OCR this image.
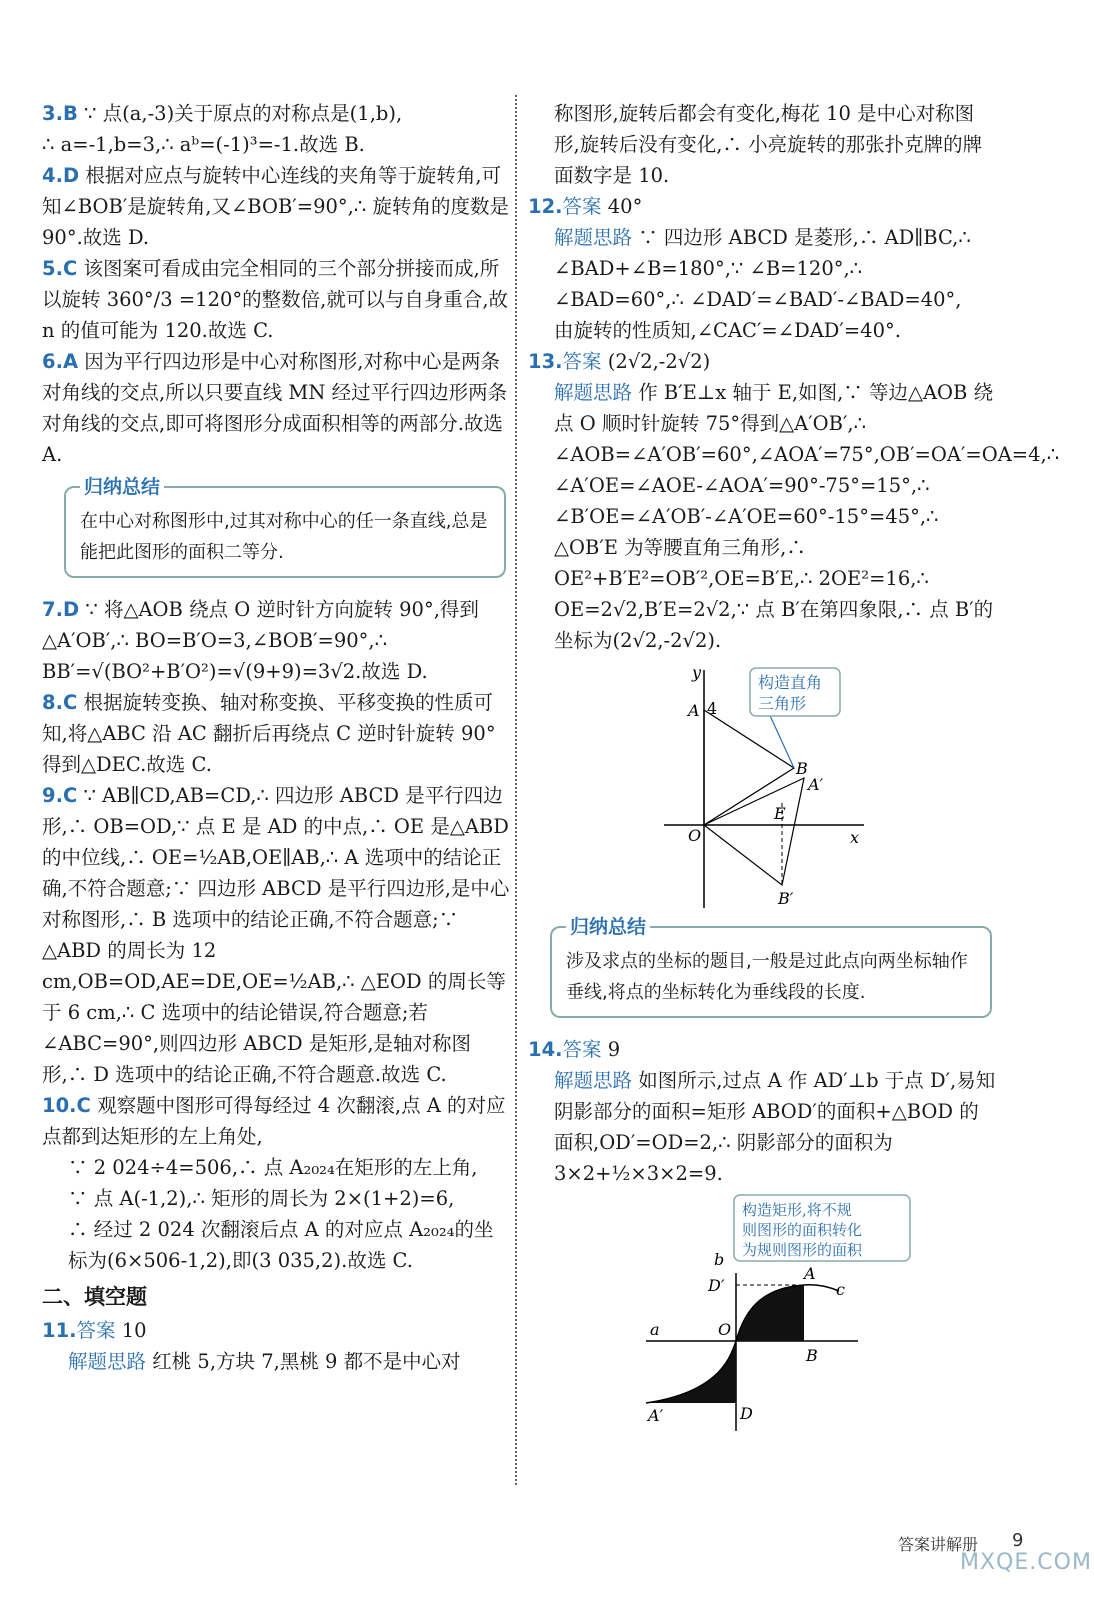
3.B ∵ 点(a,-3)关于原点的对称点是(1,b),

∴ a=-1,b=3,∴ aᵇ=(-1)³=-1.故选 B.

4.D 根据对应点与旋转中心连线的夹角等于旋转角,可知∠BOB′是旋转角,又∠BOB′=90°,∴ 旋转角的度数是 90°.故选 D.

5.C 该图案可看成由完全相同的三个部分拼接而成,所以旋转 360°/3 =120°的整数倍,就可以与自身重合,故 n 的值可能为 120.故选 C.

6.A 因为平行四边形是中心对称图形,对称中心是两条对角线的交点,所以只要直线 MN 经过平行四边形两条对角线的交点,即可将图形分成面积相等的两部分.故选 A.

归纳总结
在中心对称图形中,过其对称中心的任一条直线,总是能把此图形的面积二等分.

7.D ∵ 将△AOB 绕点 O 逆时针方向旋转 90°,得到△A′OB′,∴ BO=B′O=3,∠BOB′=90°,∴ BB′=√(BO²+B′O²)=√(9+9)=3√2.故选 D.

8.C 根据旋转变换、轴对称变换、平移变换的性质可知,将△ABC 沿 AC 翻折后再绕点 C 逆时针旋转 90°得到△DEC.故选 C.

9.C ∵ AB∥CD,AB=CD,∴ 四边形 ABCD 是平行四边形,∴ OB=OD,∵ 点 E 是 AD 的中点,∴ OE 是△ABD 的中位线,∴ OE=½AB,OE∥AB,∴ A 选项中的结论正确,不符合题意;∵ 四边形 ABCD 是平行四边形,是中心对称图形,∴ B 选项中的结论正确,不符合题意;∵ △ABD 的周长为 12 cm,OB=OD,AE=DE,OE=½AB,∴ △EOD 的周长等于 6 cm,∴ C 选项中的结论错误,符合题意;若∠ABC=90°,则四边形 ABCD 是矩形,是轴对称图形,∴ D 选项中的结论正确,不符合题意.故选 C.

10.C 观察题中图形可得每经过 4 次翻滚,点 A 的对应点都到达矩形的左上角处,

∵ 2 024÷4=506,∴ 点 A₂₀₂₄在矩形的左上角,

∵ 点 A(-1,2),∴ 矩形的周长为 2×(1+2)=6,

∴ 经过 2 024 次翻滚后点 A 的对应点 A₂₀₂₄的坐标为(6×506-1,2),即(3 035,2).故选 C.

二、填空题

11.答案 10

解题思路 红桃 5,方块 7,黑桃 9 都不是中心对

称图形,旋转后都会有变化,梅花 10 是中心对称图形,旋转后没有变化,∴ 小亮旋转的那张扑克牌的牌面数字是 10.

12.答案 40°

解题思路 ∵ 四边形 ABCD 是菱形,∴ AD∥BC,∴ ∠BAD+∠B=180°,∵ ∠B=120°,∴ ∠BAD=60°,∴ ∠DAD′=∠BAD′-∠BAD=40°,

由旋转的性质知,∠CAC′=∠DAD′=40°.

13.答案 (2√2,-2√2)

解题思路 作 B′E⊥x 轴于 E,如图,∵ 等边△AOB 绕点 O 顺时针旋转 75°得到△A′OB′,∴ ∠AOB=∠A′OB′=60°,∠AOA′=75°,OB′=OA′=OA=4,∴ ∠A′OE=∠AOE-∠AOA′=90°-75°=15°,∴ ∠B′OE=∠A′OB′-∠A′OE=60°-15°=45°,∴ △OB′E 为等腰直角三角形,∴ OE²+B′E²=OB′²,OE=B′E,∴ 2OE²=16,∴ OE=2√2,B′E=2√2,∵ 点 B′在第四象限,∴ 点 B′的坐标为(2√2,-2√2).

构造直角
三角形
y
x
A 4
B
A′
E
O
B′
归纳总结
涉及求点的坐标的题目,一般是过此点向两坐标轴作垂线,将点的坐标转化为垂线段的长度.

14.答案 9

解题思路 如图所示,过点 A 作 AD′⊥b 于点 D′,易知阴影部分的面积=矩形 ABOD′的面积+△BOD 的面积,OD′=OD=2,∴ 阴影部分的面积为 3×2+½×3×2=9.

构造矩形,将不规
则图形的面积转化
为规则图形的面积
b
D′
A
c
a	O
B
A′	D
答案讲解册 9
MXQE.COM
